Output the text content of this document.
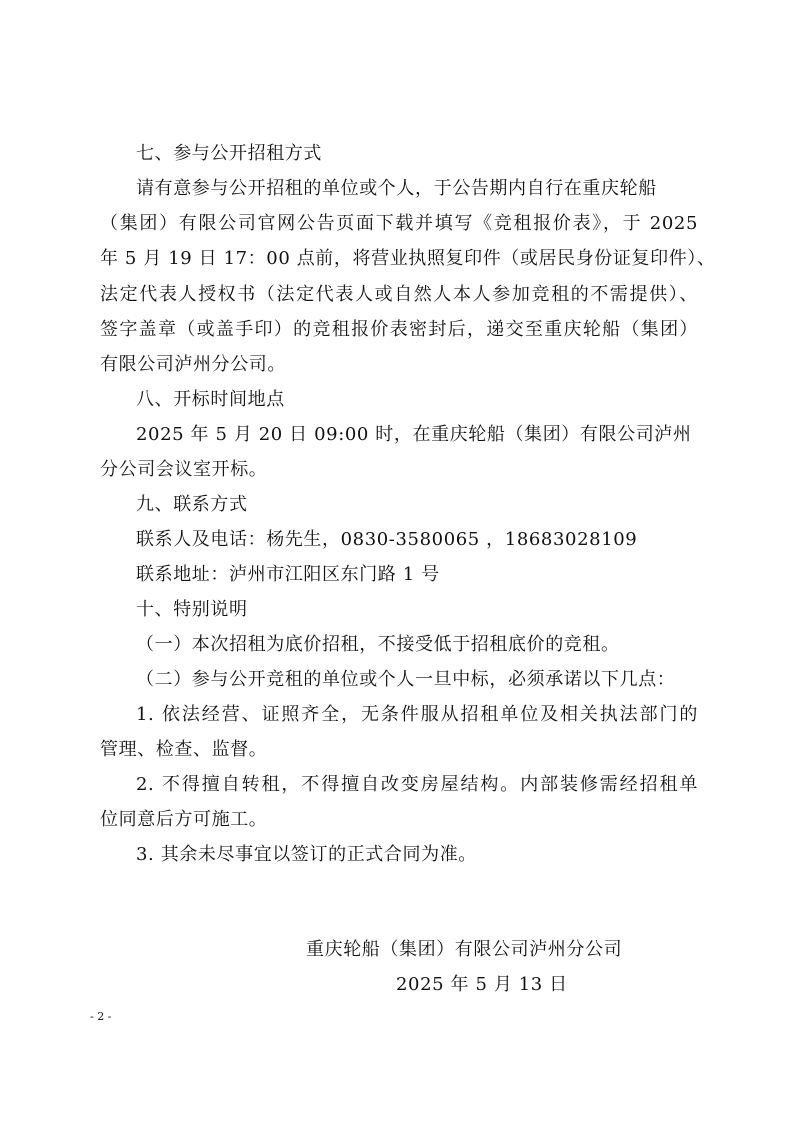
七、参与公开招租方式
请有意参与公开招租的单位或个人，于公告期内自行在重庆轮船
（集团）有限公司官网公告页面下载并填写《竞租报价表》，于 2025
年 5 月 19 日 17：00 点前，将营业执照复印件（或居民身份证复印件）、
法定代表人授权书（法定代表人或自然人本人参加竞租的不需提供）、
签字盖章（或盖手印）的竞租报价表密封后，递交至重庆轮船（集团）
有限公司泸州分公司。
八、开标时间地点
2025 年 5 月 20 日 09:00 时，在重庆轮船（集团）有限公司泸州
分公司会议室开标。
九、联系方式
联系人及电话：杨先生，0830-3580065 ，18683028109
联系地址：泸州市江阳区东门路 1 号
十、特别说明
（一）本次招租为底价招租，不接受低于招租底价的竞租。
（二）参与公开竞租的单位或个人一旦中标，必须承诺以下几点：
1. 依法经营、证照齐全，无条件服从招租单位及相关执法部门的
管理、检查、监督。
2. 不得擅自转租，不得擅自改变房屋结构。内部装修需经招租单
位同意后方可施工。
3. 其余未尽事宜以签订的正式合同为准。
重庆轮船（集团）有限公司泸州分公司
2025 年 5 月 13 日
- 2 -
